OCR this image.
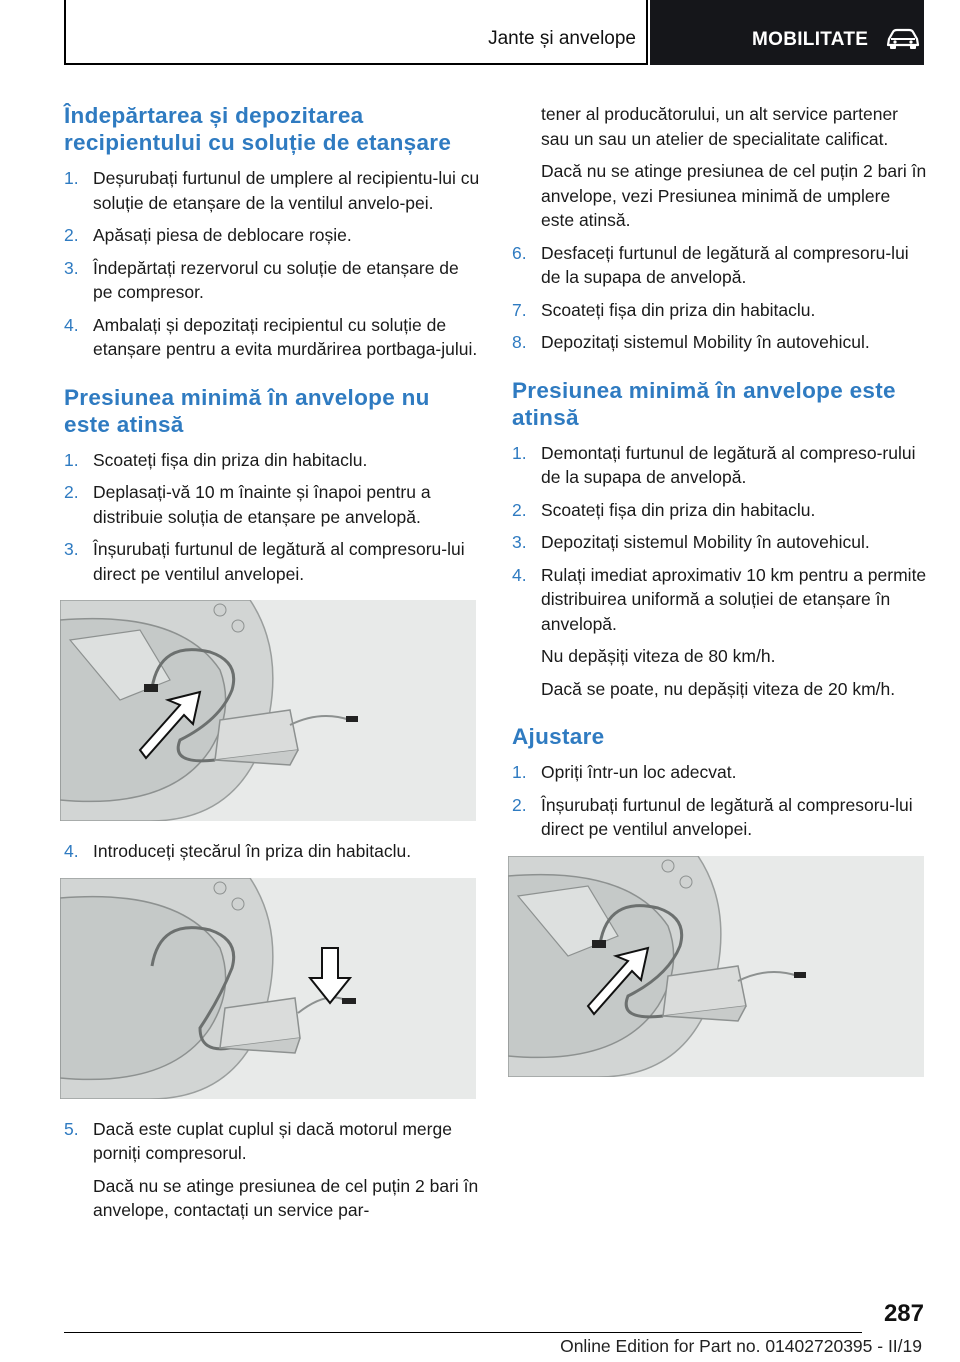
Jante și anvelope	MOBILITATE
Îndepărtarea și depozitarea recipientului cu soluție de etanșare
1. Deșurubați furtunul de umplere al recipientu-lui cu soluție de etanșare de la ventilul anvelo-pei.
2. Apăsați piesa de deblocare roșie.
3. Îndepărtați rezervorul cu soluție de etanșare de pe compresor.
4. Ambalați și depozitați recipientul cu soluție de etanșare pentru a evita murdărirea portbaga-jului.
Presiunea minimă în anvelope nu este atinsă
1. Scoateți fișa din priza din habitaclu.
2. Deplasați-vă 10 m înainte și înapoi pentru a distribuie soluția de etanșare pe anvelopă.
3. Înșurubați furtunul de legătură al compresoru-lui direct pe ventilul anvelopei.
4. Introduceți ștecărul în priza din habitaclu.
5. Dacă este cuplat cuplul și dacă motorul merge porniți compresorul.
Dacă nu se atinge presiunea de cel puțin 2 bari în anvelope, contactați un service par-
tener al producătorului, un alt service partener sau un sau un atelier de specialitate calificat.
Dacă nu se atinge presiunea de cel puțin 2 bari în anvelope, vezi Presiunea minimă de umplere este atinsă.
6. Desfaceți furtunul de legătură al compresoru-lui de la supapa de anvelopă.
7. Scoateți fișa din priza din habitaclu.
8. Depozitați sistemul Mobility în autovehicul.
Presiunea minimă în anvelope este atinsă
1. Demontați furtunul de legătură al compreso-rului de la supapa de anvelopă.
2. Scoateți fișa din priza din habitaclu.
3. Depozitați sistemul Mobility în autovehicul.
4. Rulați imediat aproximativ 10 km pentru a permite distribuirea uniformă a soluției de etanșare în anvelopă.
Nu depășiți viteza de 80 km/h.
Dacă se poate, nu depășiți viteza de 20 km/h.
Ajustare
1. Opriți într-un loc adecvat.
2. Înșurubați furtunul de legătură al compresoru-lui direct pe ventilul anvelopei.
287
Online Edition for Part no. 01402720395 - II/19
